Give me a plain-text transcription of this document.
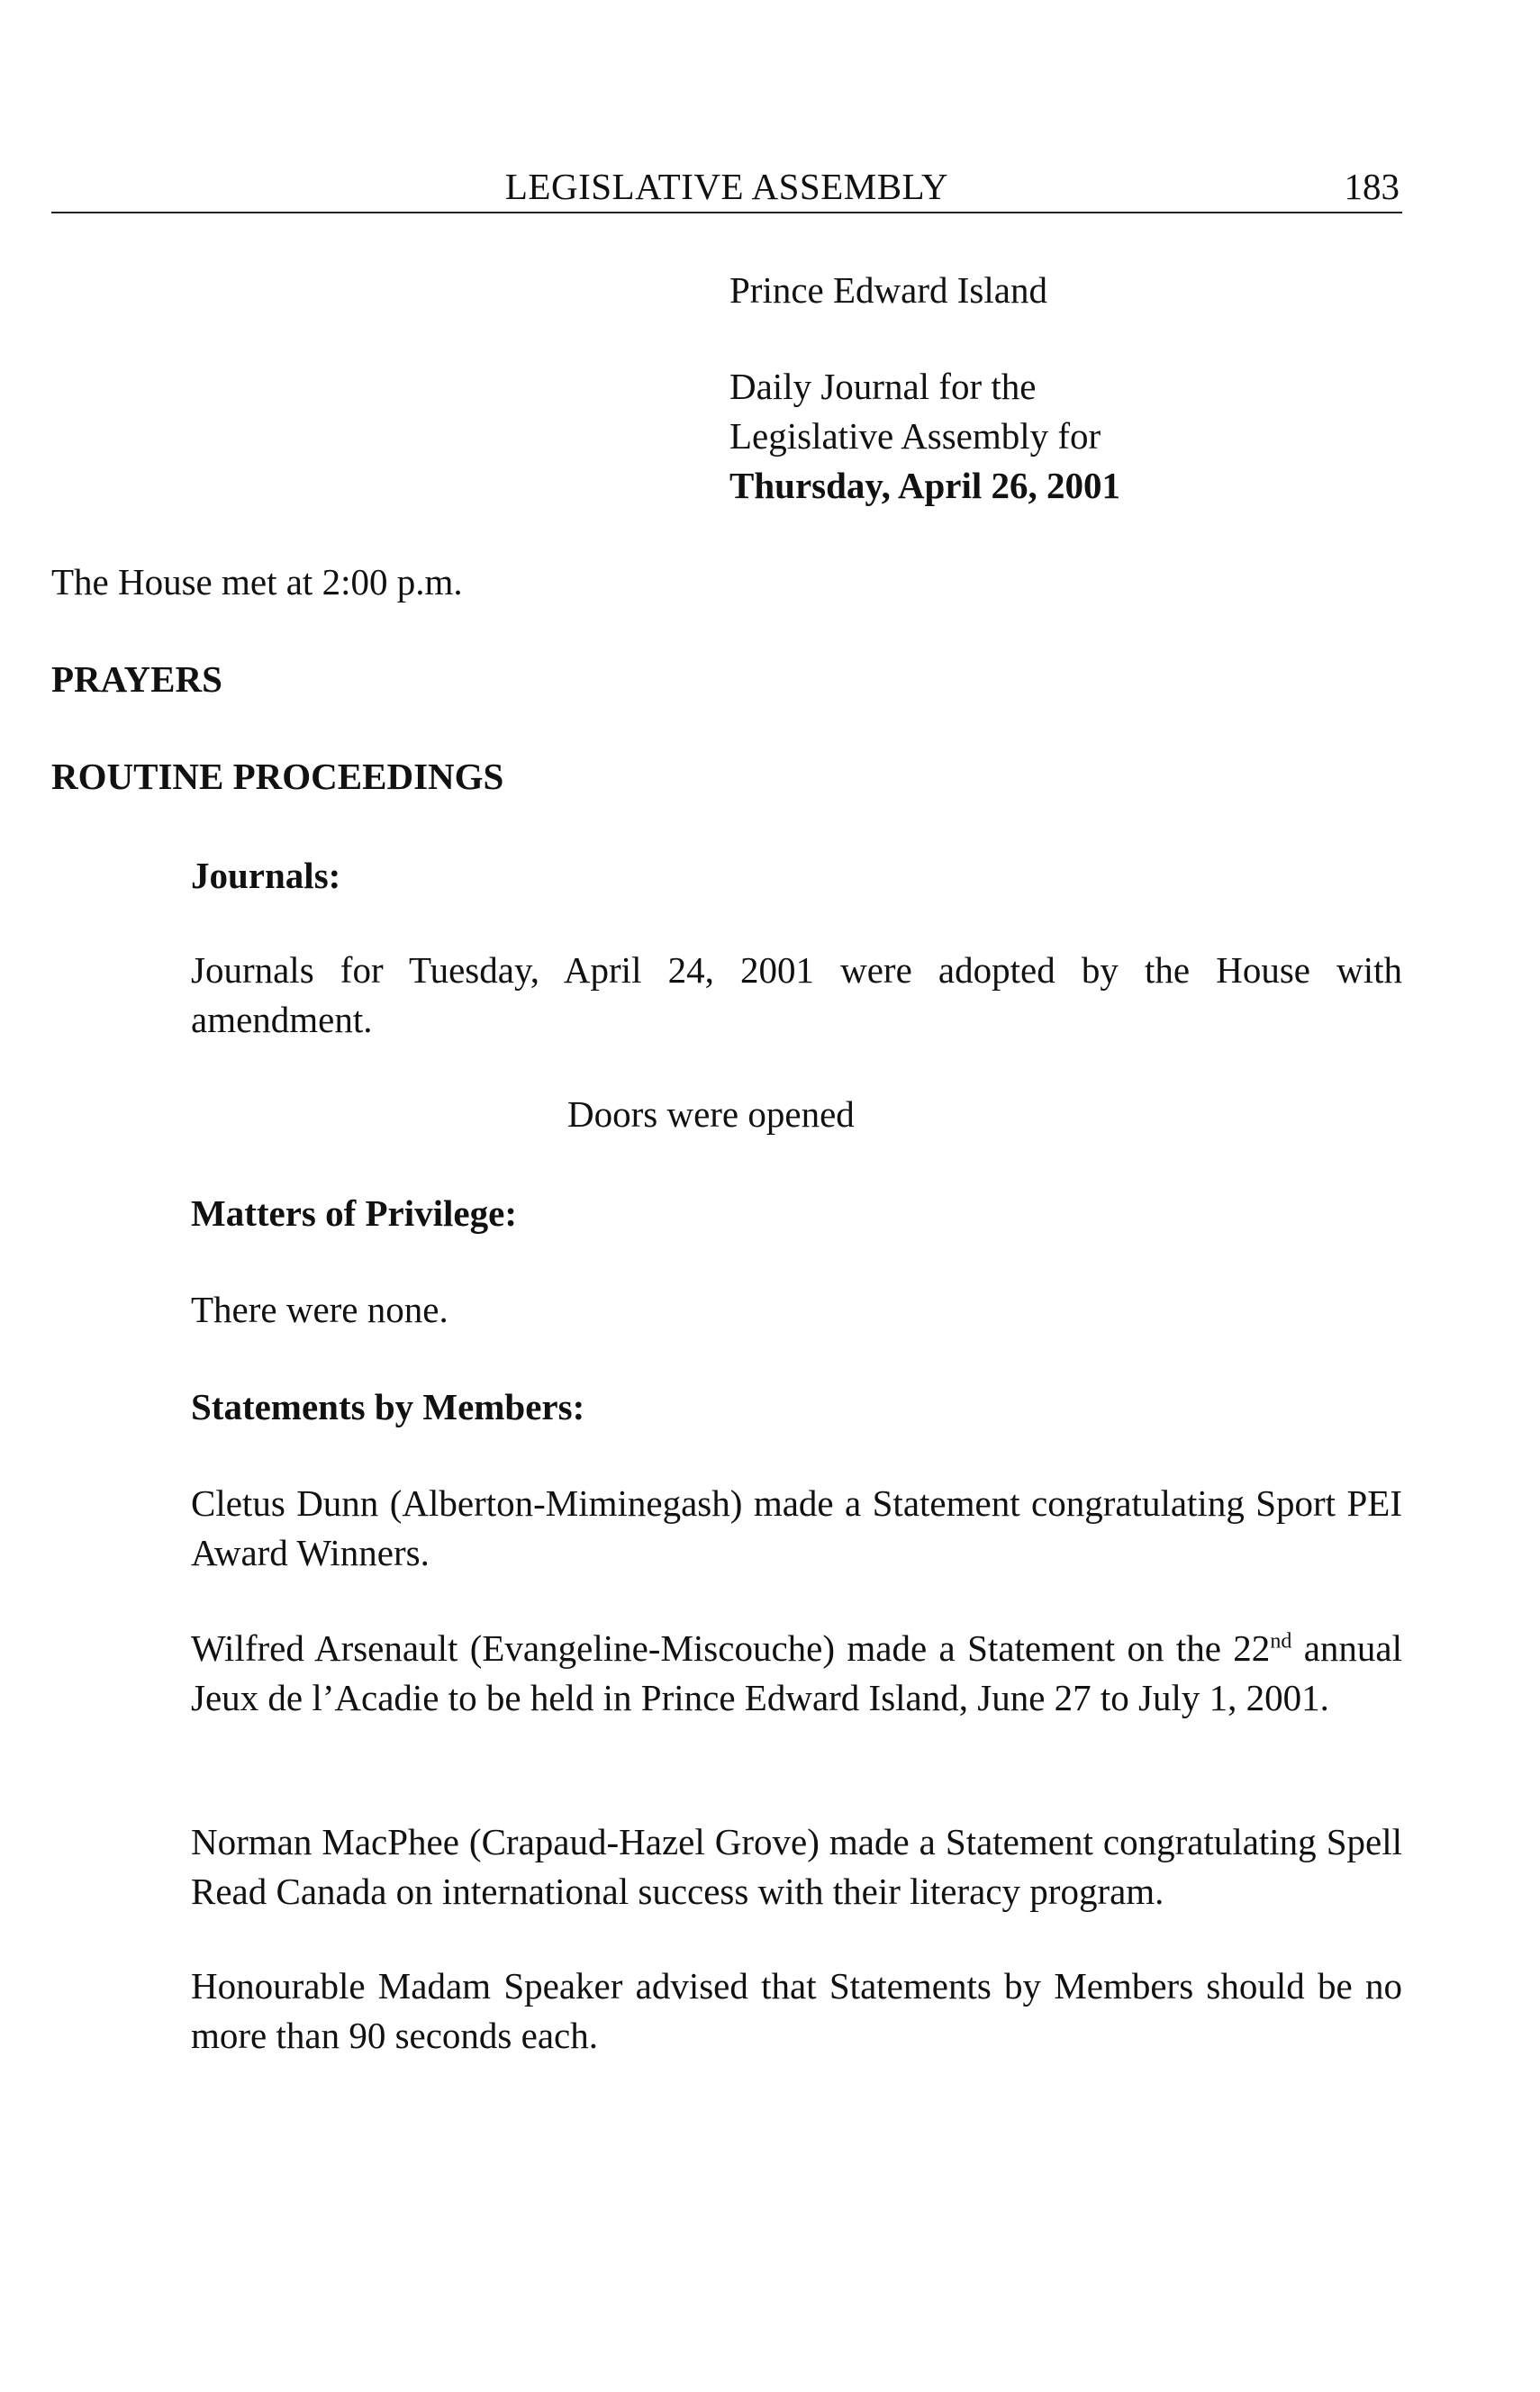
LEGISLATIVE ASSEMBLY	183
Prince Edward Island
Daily Journal for the
Legislative Assembly for
Thursday, April 26, 2001
The House met at 2:00 p.m.
PRAYERS
ROUTINE PROCEEDINGS
Journals:
Journals for Tuesday, April 24, 2001 were adopted by the House with amendment.
Doors were opened
Matters of Privilege:
There were none.
Statements by Members:
Cletus Dunn (Alberton-Miminegash) made a Statement congratulating Sport PEI Award Winners.
Wilfred Arsenault (Evangeline-Miscouche) made a Statement on the 22nd annual Jeux de l’Acadie to be held in Prince Edward Island, June 27 to July 1, 2001.
Norman MacPhee (Crapaud-Hazel Grove) made a Statement congratulating Spell Read Canada on international success with their literacy program.
Honourable Madam Speaker advised that Statements by Members should be no more than 90 seconds each.
